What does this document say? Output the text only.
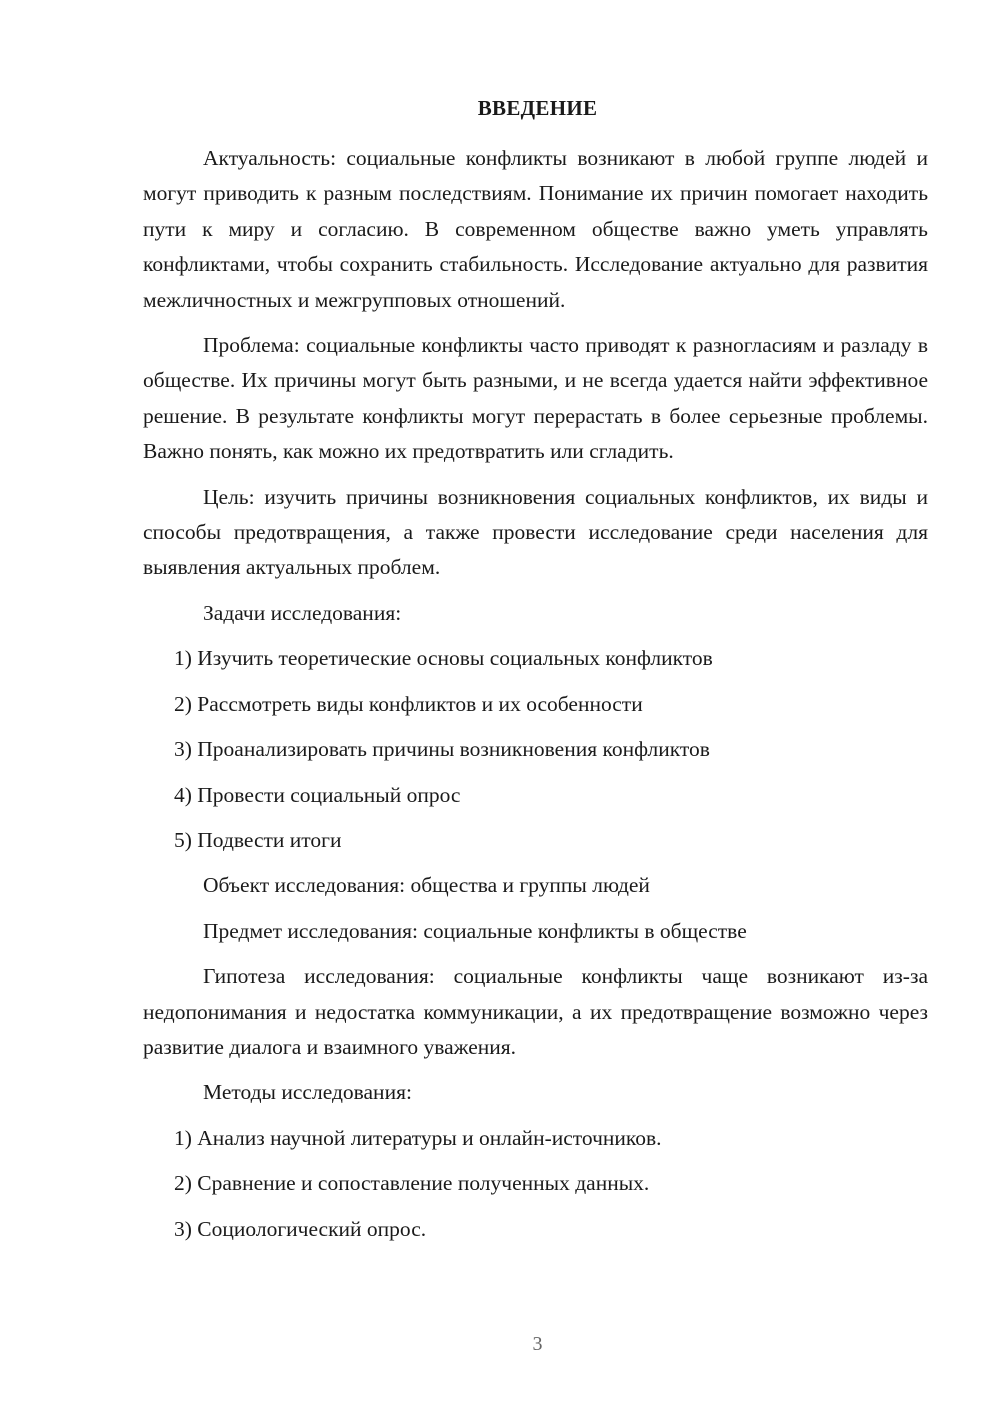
ВВЕДЕНИЕ

Актуальность: социальные конфликты возникают в любой группе людей и могут приводить к разным последствиям. Понимание их причин помогает находить пути к миру и согласию. В современном обществе важно уметь управлять конфликтами, чтобы сохранить стабильность. Исследование актуально для развития межличностных и межгрупповых отношений.

Проблема: социальные конфликты часто приводят к разногласиям и разладу в обществе. Их причины могут быть разными, и не всегда удается найти эффективное решение. В результате конфликты могут перерастать в более серьезные проблемы. Важно понять, как можно их предотвратить или сгладить.

Цель: изучить причины возникновения социальных конфликтов, их виды и способы предотвращения, а также провести исследование среди населения для выявления актуальных проблем.

Задачи исследования:

1) Изучить теоретические основы социальных конфликтов

2) Рассмотреть виды конфликтов и их особенности

3) Проанализировать причины возникновения конфликтов

4) Провести социальный опрос

5) Подвести итоги

Объект исследования: общества и группы людей

Предмет исследования: социальные конфликты в обществе

Гипотеза исследования: социальные конфликты чаще возникают из-за недопонимания и недостатка коммуникации, а их предотвращение возможно через развитие диалога и взаимного уважения.

Методы исследования:

1) Анализ научной литературы и онлайн-источников.

2) Сравнение и сопоставление полученных данных.

3) Социологический опрос.

3
